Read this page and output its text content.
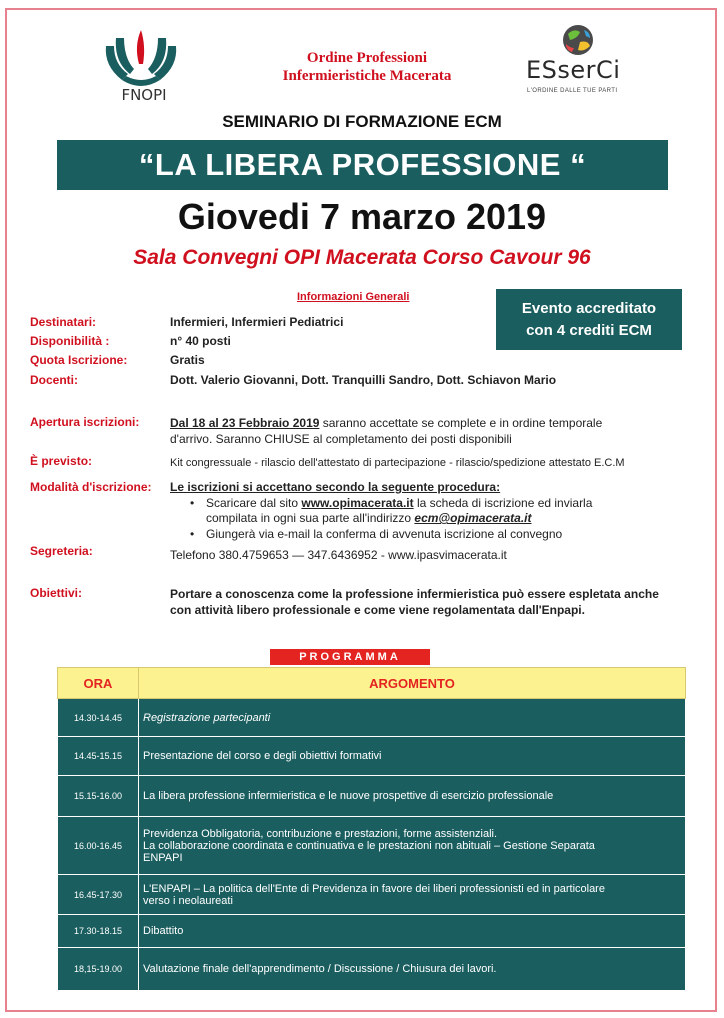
FNOPI
Ordine Professioni
Infermieristiche Macerata	ESserCi
L'ORDINE DALLE TUE PARTI
SEMINARIO DI FORMAZIONE ECM
“LA LIBERA PROFESSIONE “
Giovedi 7 marzo 2019
Sala Convegni OPI Macerata Corso Cavour 96
Informazioni Generali
Evento accreditato
con 4 crediti ECM
Destinatari:	Infermieri, Infermieri Pediatrici
Disponibilità :	n° 40 posti
Quota Iscrizione:	Gratis
Docenti:	Dott. Valerio Giovanni, Dott. Tranquilli Sandro, Dott. Schiavon Mario
Apertura iscrizioni:	Dal 18 al 23 Febbraio 2019 saranno accettate se complete e in ordine temporale
d'arrivo. Saranno CHIUSE al completamento dei posti disponibili
È previsto:	Kit congressuale - rilascio dell'attestato di partecipazione - rilascio/spedizione attestato E.C.M
Modalità d'iscrizione: Le iscrizioni si accettano secondo la seguente procedura:
• Scaricare dal sito www.opimacerata.it la scheda di iscrizione ed inviarla
compilata in ogni sua parte all'indirizzo ecm@opimacerata.it
• Giungerà via e-mail la conferma di avvenuta iscrizione al convegno
Segreteria:	Telefono 380.4759653 — 347.6436952 - www.ipasvimacerata.it
Obiettivi:	Portare a conoscenza come la professione infermieristica può essere espletata anche
con attività libero professionale e come viene regolamentata dall'Enpapi.
PROGRAMMA
ORA	ARGOMENTO
14.30-14.45	Registrazione partecipanti
14.45-15.15	Presentazione del corso e degli obiettivi formativi
15.15-16.00	La libera professione infermieristica e le nuove prospettive di esercizio professionale
16.00-16.45	Previdenza Obbligatoria, contribuzione e prestazioni, forme assistenziali.
La collaborazione coordinata e continuativa e le prestazioni non abituali – Gestione Separata
ENPAPI
16.45-17.30	L'ENPAPI – La politica dell'Ente di Previdenza in favore dei liberi professionisti ed in particolare
verso i neolaureati
17.30-18.15	Dibattito
18,15-19.00	Valutazione finale dell'apprendimento / Discussione / Chiusura dei lavori.
